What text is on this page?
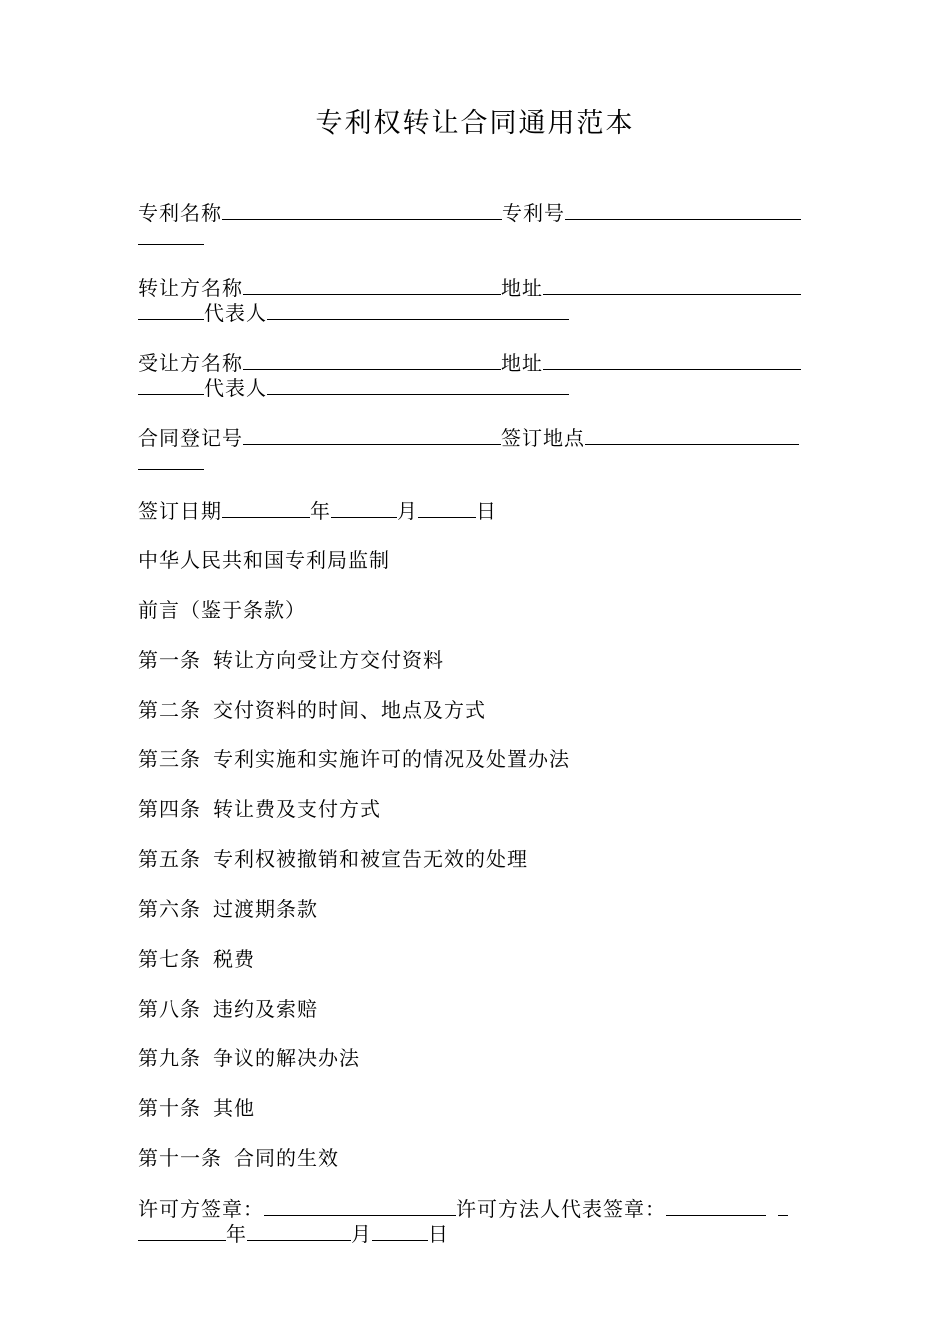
专利权转让合同通用范本
专利名称	专利号
转让方名称	地址
代表人
受让方名称	地址
代表人
合同登记号	签订地点
签订日期	年	月	日
中华人民共和国专利局监制
前言（鉴于条款）
第一条 转让方向受让方交付资料
第二条 交付资料的时间、地点及方式
第三条 专利实施和实施许可的情况及处置办法
第四条 转让费及支付方式
第五条 专利权被撤销和被宣告无效的处理
第六条 过渡期条款
第七条 税费
第八条 违约及索赔
第九条 争议的解决办法
第十条 其他
第十一条 合同的生效
许可方签章：	许可方法人代表签章：
年	月	日
